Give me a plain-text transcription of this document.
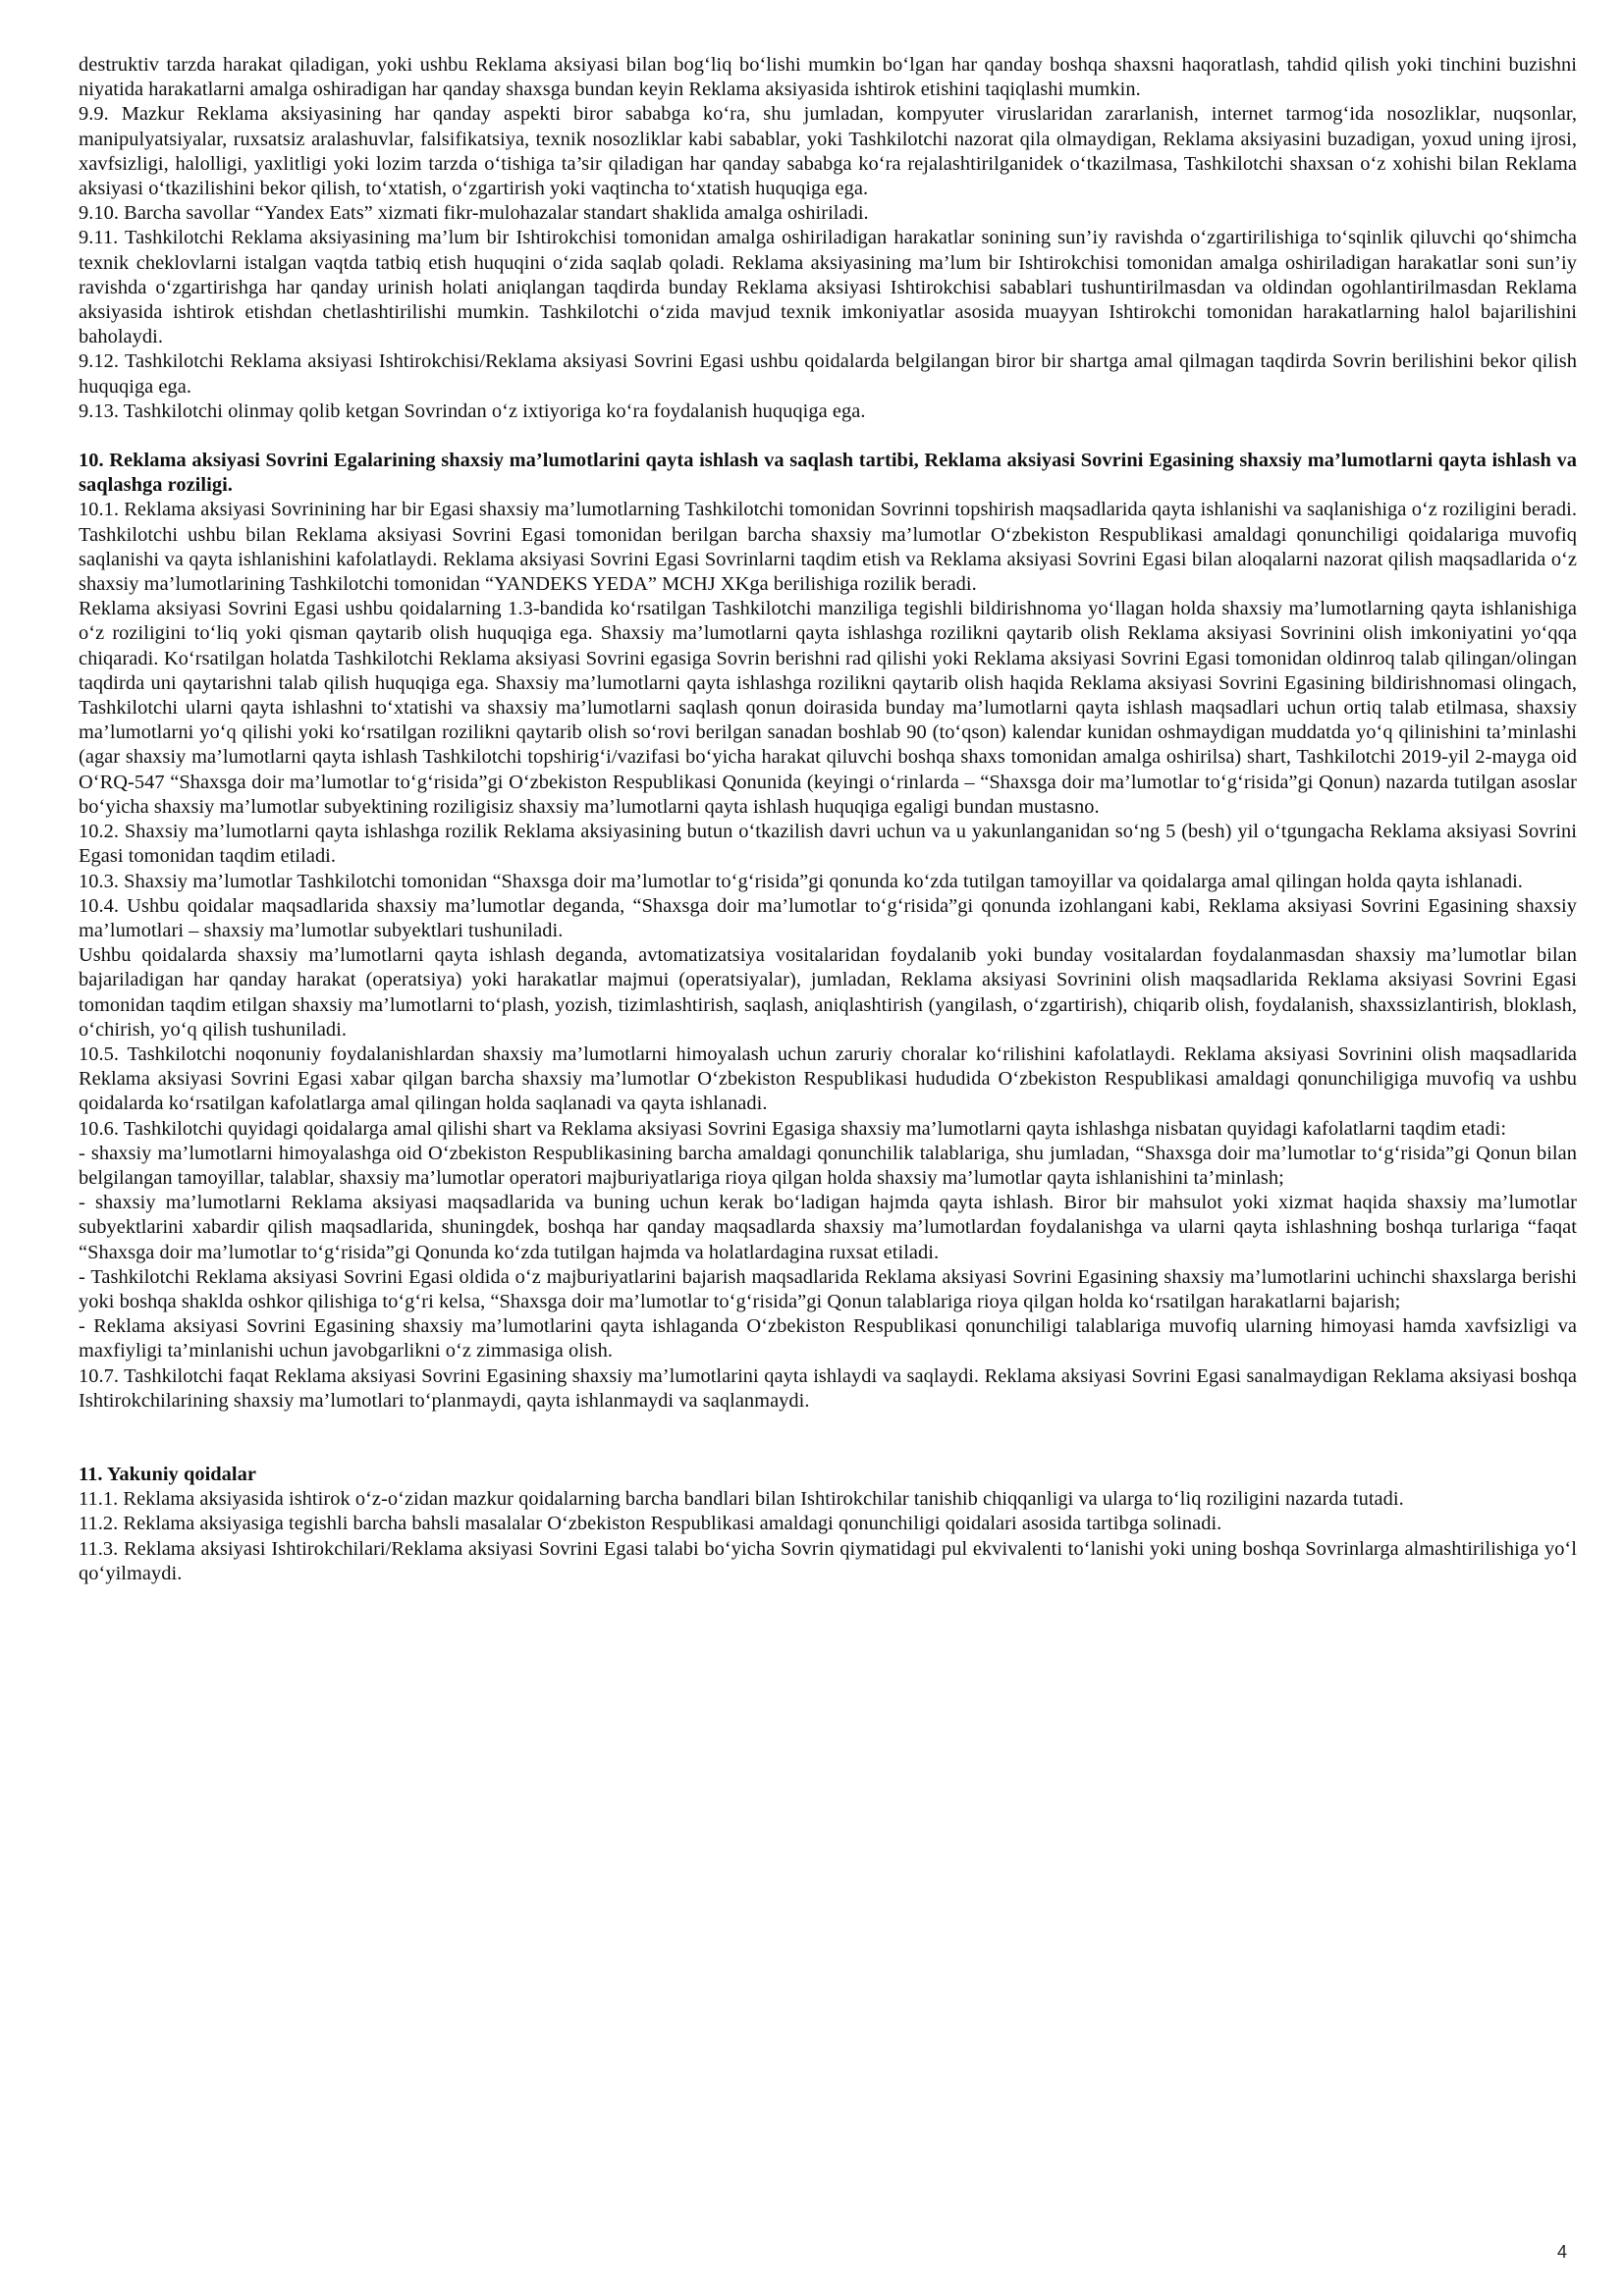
destruktiv tarzda harakat qiladigan, yoki ushbu Reklama aksiyasi bilan bog‘liq bo‘lishi mumkin bo‘lgan har qanday boshqa shaxsni haqoratlash, tahdid qilish yoki tinchini buzishni niyatida harakatlarni amalga oshiradigan har qanday shaxsga bundan keyin Reklama aksiyasida ishtirok etishini taqiqlashi mumkin.

9.9. Mazkur Reklama aksiyasining har qanday aspekti biror sababga ko‘ra, shu jumladan, kompyuter viruslaridan zararlanish, internet tarmog‘ida nosozliklar, nuqsonlar, manipulyatsiyalar, ruxsatsiz aralashuvlar, falsifikatsiya, texnik nosozliklar kabi sabablar, yoki Tashkilotchi nazorat qila olmaydigan, Reklama aksiyasini buzadigan, yoxud uning ijrosi, xavfsizligi, halolligi, yaxlitligi yoki lozim tarzda o‘tishiga ta’sir qiladigan har qanday sababga ko‘ra rejalashtirilganidek o‘tkazilmasa, Tashkilotchi shaxsan o‘z xohishi bilan Reklama aksiyasi o‘tkazilishini bekor qilish, to‘xtatish, o‘zgartirish yoki vaqtincha to‘xtatish huquqiga ega.

9.10. Barcha savollar “Yandex Eats” xizmati fikr-mulohazalar standart shaklida amalga oshiriladi.

9.11. Tashkilotchi Reklama aksiyasining ma’lum bir Ishtirokchisi tomonidan amalga oshiriladigan harakatlar sonining sun’iy ravishda o‘zgartirilishiga to‘sqinlik qiluvchi qo‘shimcha texnik cheklovlarni istalgan vaqtda tatbiq etish huquqini o‘zida saqlab qoladi. Reklama aksiyasining ma’lum bir Ishtirokchisi tomonidan amalga oshiriladigan harakatlar soni sun’iy ravishda o‘zgartirishga har qanday urinish holati aniqlangan taqdirda bunday Reklama aksiyasi Ishtirokchisi sabablari tushuntirilmasdan va oldindan ogohlantirilmasdan Reklama aksiyasida ishtirok etishdan chetlashtirilishi mumkin. Tashkilotchi o‘zida mavjud texnik imkoniyatlar asosida muayyan Ishtirokchi tomonidan harakatlarning halol bajarilishini baholaydi.

9.12. Tashkilotchi Reklama aksiyasi Ishtirokchisi/Reklama aksiyasi Sovrini Egasi ushbu qoidalarda belgilangan biror bir shartga amal qilmagan taqdirda Sovrin berilishini bekor qilish huquqiga ega.

9.13. Tashkilotchi olinmay qolib ketgan Sovrindan o‘z ixtiyoriga ko‘ra foydalanish huquqiga ega.

10. Reklama aksiyasi Sovrini Egalarining shaxsiy ma’lumotlarini qayta ishlash va saqlash tartibi, Reklama aksiyasi Sovrini Egasining shaxsiy ma’lumotlarni qayta ishlash va saqlashga roziligi.

10.1. Reklama aksiyasi Sovrinining har bir Egasi shaxsiy ma’lumotlarning Tashkilotchi tomonidan Sovrinni topshirish maqsadlarida qayta ishlanishi va saqlanishiga o‘z roziligini beradi. Tashkilotchi ushbu bilan Reklama aksiyasi Sovrini Egasi tomonidan berilgan barcha shaxsiy ma’lumotlar O‘zbekiston Respublikasi amaldagi qonunchiligi qoidalariga muvofiq saqlanishi va qayta ishlanishini kafolatlaydi. Reklama aksiyasi Sovrini Egasi Sovrinlarni taqdim etish va Reklama aksiyasi Sovrini Egasi bilan aloqalarni nazorat qilish maqsadlarida o‘z shaxsiy ma’lumotlarining Tashkilotchi tomonidan “YANDEKS YEDA” MCHJ XKga berilishiga rozilik beradi.

Reklama aksiyasi Sovrini Egasi ushbu qoidalarning 1.3-bandida ko‘rsatilgan Tashkilotchi manziliga tegishli bildirishnoma yo‘llagan holda shaxsiy ma’lumotlarning qayta ishlanishiga o‘z roziligini to‘liq yoki qisman qaytarib olish huquqiga ega. Shaxsiy ma’lumotlarni qayta ishlashga rozilikni qaytarib olish Reklama aksiyasi Sovrinini olish imkoniyatini yo‘qqa chiqaradi. Ko‘rsatilgan holatda Tashkilotchi Reklama aksiyasi Sovrini egasiga Sovrin berishni rad qilishi yoki Reklama aksiyasi Sovrini Egasi tomonidan oldinroq talab qilingan/olingan taqdirda uni qaytarishni talab qilish huquqiga ega. Shaxsiy ma’lumotlarni qayta ishlashga rozilikni qaytarib olish haqida Reklama aksiyasi Sovrini Egasining bildirishnomasi olingach, Tashkilotchi ularni qayta ishlashni to‘xtatishi va shaxsiy ma’lumotlarni saqlash qonun doirasida bunday ma’lumotlarni qayta ishlash maqsadlari uchun ortiq talab etilmasa, shaxsiy ma’lumotlarni yo‘q qilishi yoki ko‘rsatilgan rozilikni qaytarib olish so‘rovi berilgan sanadan boshlab 90 (to‘qson) kalendar kunidan oshmaydigan muddatda yo‘q qilinishini ta’minlashi (agar shaxsiy ma’lumotlarni qayta ishlash Tashkilotchi topshirig‘i/vazifasi bo‘yicha harakat qiluvchi boshqa shaxs tomonidan amalga oshirilsa) shart, Tashkilotchi 2019-yil 2-mayga oid O‘RQ-547 “Shaxsga doir ma’lumotlar to‘g‘risida”gi O‘zbekiston Respublikasi Qonunida (keyingi o‘rinlarda – “Shaxsga doir ma’lumotlar to‘g‘risida”gi Qonun) nazarda tutilgan asoslar bo‘yicha shaxsiy ma’lumotlar subyektining roziligisiz shaxsiy ma’lumotlarni qayta ishlash huquqiga egaligi bundan mustasno.

10.2. Shaxsiy ma’lumotlarni qayta ishlashga rozilik Reklama aksiyasining butun o‘tkazilish davri uchun va u yakunlanganidan so‘ng 5 (besh) yil o‘tgungacha Reklama aksiyasi Sovrini Egasi tomonidan taqdim etiladi.

10.3. Shaxsiy ma’lumotlar Tashkilotchi tomonidan “Shaxsga doir ma’lumotlar to‘g‘risida”gi qonunda ko‘zda tutilgan tamoyillar va qoidalarga amal qilingan holda qayta ishlanadi.

10.4. Ushbu qoidalar maqsadlarida shaxsiy ma’lumotlar deganda, “Shaxsga doir ma’lumotlar to‘g‘risida”gi qonunda izohlangani kabi, Reklama aksiyasi Sovrini Egasining shaxsiy ma’lumotlari – shaxsiy ma’lumotlar subyektlari tushuniladi.

Ushbu qoidalarda shaxsiy ma’lumotlarni qayta ishlash deganda, avtomatizatsiya vositalaridan foydalanib yoki bunday vositalardan foydalanmasdan shaxsiy ma’lumotlar bilan bajariladigan har qanday harakat (operatsiya) yoki harakatlar majmui (operatsiyalar), jumladan, Reklama aksiyasi Sovrinini olish maqsadlarida Reklama aksiyasi Sovrini Egasi tomonidan taqdim etilgan shaxsiy ma’lumotlarni to‘plash, yozish, tizimlashtirish, saqlash, aniqlashtirish (yangilash, o‘zgartirish), chiqarib olish, foydalanish, shaxssizlantirish, bloklash, o‘chirish, yo‘q qilish tushuniladi.

10.5. Tashkilotchi noqonuniy foydalanishlardan shaxsiy ma’lumotlarni himoyalash uchun zaruriy choralar ko‘rilishini kafolatlaydi. Reklama aksiyasi Sovrinini olish maqsadlarida Reklama aksiyasi Sovrini Egasi xabar qilgan barcha shaxsiy ma’lumotlar O‘zbekiston Respublikasi hududida O‘zbekiston Respublikasi amaldagi qonunchiligiga muvofiq va ushbu qoidalarda ko‘rsatilgan kafolatlarga amal qilingan holda saqlanadi va qayta ishlanadi.

10.6. Tashkilotchi quyidagi qoidalarga amal qilishi shart va Reklama aksiyasi Sovrini Egasiga shaxsiy ma’lumotlarni qayta ishlashga nisbatan quyidagi kafolatlarni taqdim etadi:

- shaxsiy ma’lumotlarni himoyalashga oid O‘zbekiston Respublikasining barcha amaldagi qonunchilik talablariga, shu jumladan, “Shaxsga doir ma’lumotlar to‘g‘risida”gi Qonun bilan belgilangan tamoyillar, talablar, shaxsiy ma’lumotlar operatori majburiyatlariga rioya qilgan holda shaxsiy ma’lumotlar qayta ishlanishini ta’minlash;

- shaxsiy ma’lumotlarni Reklama aksiyasi maqsadlarida va buning uchun kerak bo‘ladigan hajmda qayta ishlash. Biror bir mahsulot yoki xizmat haqida shaxsiy ma’lumotlar subyektlarini xabardir qilish maqsadlarida, shuningdek, boshqa har qanday maqsadlarda shaxsiy ma’lumotlardan foydalanishga va ularni qayta ishlashning boshqa turlariga “faqat “Shaxsga doir ma’lumotlar to‘g‘risida”gi Qonunda ko‘zda tutilgan hajmda va holatlardagina ruxsat etiladi.

- Tashkilotchi Reklama aksiyasi Sovrini Egasi oldida o‘z majburiyatlarini bajarish maqsadlarida Reklama aksiyasi Sovrini Egasining shaxsiy ma’lumotlarini uchinchi shaxslarga berishi yoki boshqa shaklda oshkor qilishiga to‘g‘ri kelsa, “Shaxsga doir ma’lumotlar to‘g‘risida”gi Qonun talablariga rioya qilgan holda ko‘rsatilgan harakatlarni bajarish;

- Reklama aksiyasi Sovrini Egasining shaxsiy ma’lumotlarini qayta ishlaganda O‘zbekiston Respublikasi qonunchiligi talablariga muvofiq ularning himoyasi hamda xavfsizligi va maxfiyligi ta’minlanishi uchun javobgarlikni o‘z zimmasiga olish.

10.7. Tashkilotchi faqat Reklama aksiyasi Sovrini Egasining shaxsiy ma’lumotlarini qayta ishlaydi va saqlaydi. Reklama aksiyasi Sovrini Egasi sanalmaydigan Reklama aksiyasi boshqa Ishtirokchilarining shaxsiy ma’lumotlari to‘planmaydi, qayta ishlanmaydi va saqlanmaydi.

11. Yakuniy qoidalar

11.1. Reklama aksiyasida ishtirok o‘z-o‘zidan mazkur qoidalarning barcha bandlari bilan Ishtirokchilar tanishib chiqqanligi va ularga to‘liq roziligini nazarda tutadi.

11.2. Reklama aksiyasiga tegishli barcha bahsli masalalar O‘zbekiston Respublikasi amaldagi qonunchiligi qoidalari asosida tartibga solinadi.

11.3. Reklama aksiyasi Ishtirokchilari/Reklama aksiyasi Sovrini Egasi talabi bo‘yicha Sovrin qiymatidagi pul ekvivalenti to‘lanishi yoki uning boshqa Sovrinlarga almashtirilishiga yo‘l qo‘yilmaydi.

4
